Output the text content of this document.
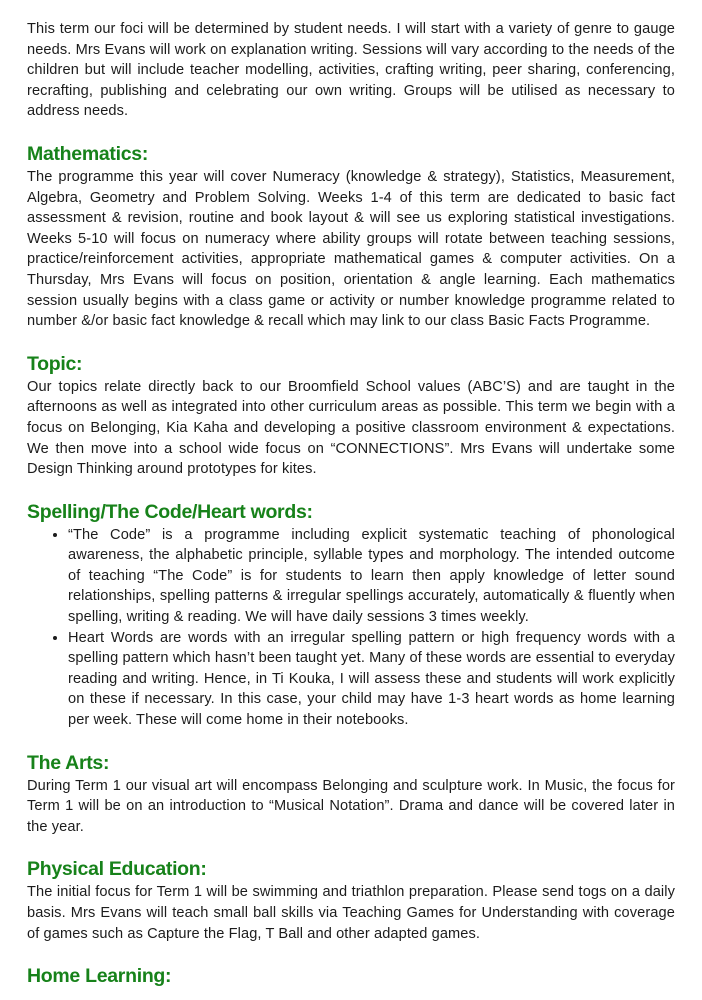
This term our foci will be determined by student needs. I will start with a variety of genre to gauge needs. Mrs Evans will work on explanation writing. Sessions will vary according to the needs of the children but will include teacher modelling, activities, crafting writing, peer sharing, conferencing, recrafting, publishing and celebrating our own writing. Groups will be utilised as necessary to address needs.

Mathematics:

The programme this year will cover Numeracy (knowledge & strategy), Statistics, Measurement, Algebra, Geometry and Problem Solving. Weeks 1-4 of this term are dedicated to basic fact assessment & revision, routine and book layout & will see us exploring statistical investigations. Weeks 5-10 will focus on numeracy where ability groups will rotate between teaching sessions, practice/reinforcement activities, appropriate mathematical games & computer activities. On a Thursday, Mrs Evans will focus on position, orientation & angle learning. Each mathematics session usually begins with a class game or activity or number knowledge programme related to number &/or basic fact knowledge & recall which may link to our class Basic Facts Programme.

Topic:

Our topics relate directly back to our Broomfield School values (ABC’S) and are taught in the afternoons as well as integrated into other curriculum areas as possible. This term we begin with a focus on Belonging, Kia Kaha and developing a positive classroom environment & expectations. We then move into a school wide focus on “CONNECTIONS”. Mrs Evans will undertake some Design Thinking around prototypes for kites.

Spelling/The Code/Heart words:
• “The Code” is a programme including explicit systematic teaching of phonological awareness, the alphabetic principle, syllable types and morphology. The intended outcome of teaching “The Code” is for students to learn then apply knowledge of letter sound relationships, spelling patterns & irregular spellings accurately, automatically & fluently when spelling, writing & reading. We will have daily sessions 3 times weekly.
• Heart Words are words with an irregular spelling pattern or high frequency words with a spelling pattern which hasn’t been taught yet. Many of these words are essential to everyday reading and writing. Hence, in Ti Kouka, I will assess these and students will work explicitly on these if necessary. In this case, your child may have 1-3 heart words as home learning per week. These will come home in their notebooks.
The Arts:

During Term 1 our visual art will encompass Belonging and sculpture work. In Music, the focus for Term 1 will be on an introduction to “Musical Notation”. Drama and dance will be covered later in the year.

Physical Education:

The initial focus for Term 1 will be swimming and triathlon preparation. Please send togs on a daily basis. Mrs Evans will teach small ball skills via Teaching Games for Understanding with coverage of games such as Capture the Flag, T Ball and other adapted games.

Home Learning:
